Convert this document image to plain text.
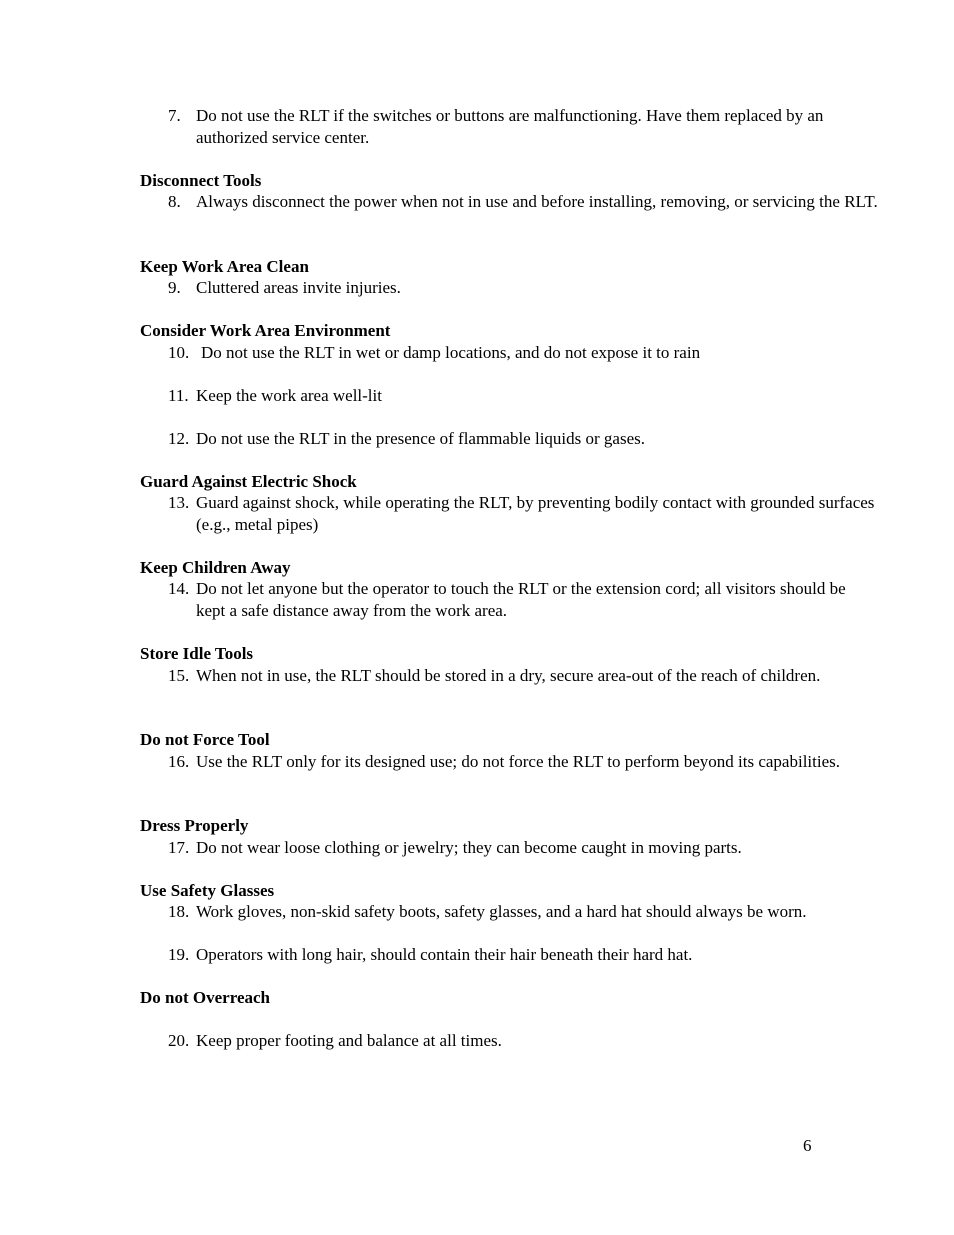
7. Do not use the RLT if the switches or buttons are malfunctioning. Have them replaced by an authorized service center.
Disconnect Tools
8. Always disconnect the power when not in use and before installing, removing, or servicing the RLT.
Keep Work Area Clean
9. Cluttered areas invite injuries.
Consider Work Area Environment
10. Do not use the RLT in wet or damp locations, and do not expose it to rain
11. Keep the work area well-lit
12. Do not use the RLT in the presence of flammable liquids or gases.
Guard Against Electric Shock
13. Guard against shock, while operating the RLT, by preventing bodily contact with grounded surfaces (e.g., metal pipes)
Keep Children Away
14. Do not let anyone but the operator to touch the RLT or the extension cord; all visitors should be kept a safe distance away from the work area.
Store Idle Tools
15. When not in use, the RLT should be stored in a dry, secure area-out of the reach of children.
Do not Force Tool
16. Use the RLT only for its designed use; do not force the RLT to perform beyond its capabilities.
Dress Properly
17. Do not wear loose clothing or jewelry; they can become caught in moving parts.
Use Safety Glasses
18. Work gloves, non-skid safety boots, safety glasses, and a hard hat should always be worn.
19. Operators with long hair, should contain their hair beneath their hard hat.
Do not Overreach
20. Keep proper footing and balance at all times.
6
